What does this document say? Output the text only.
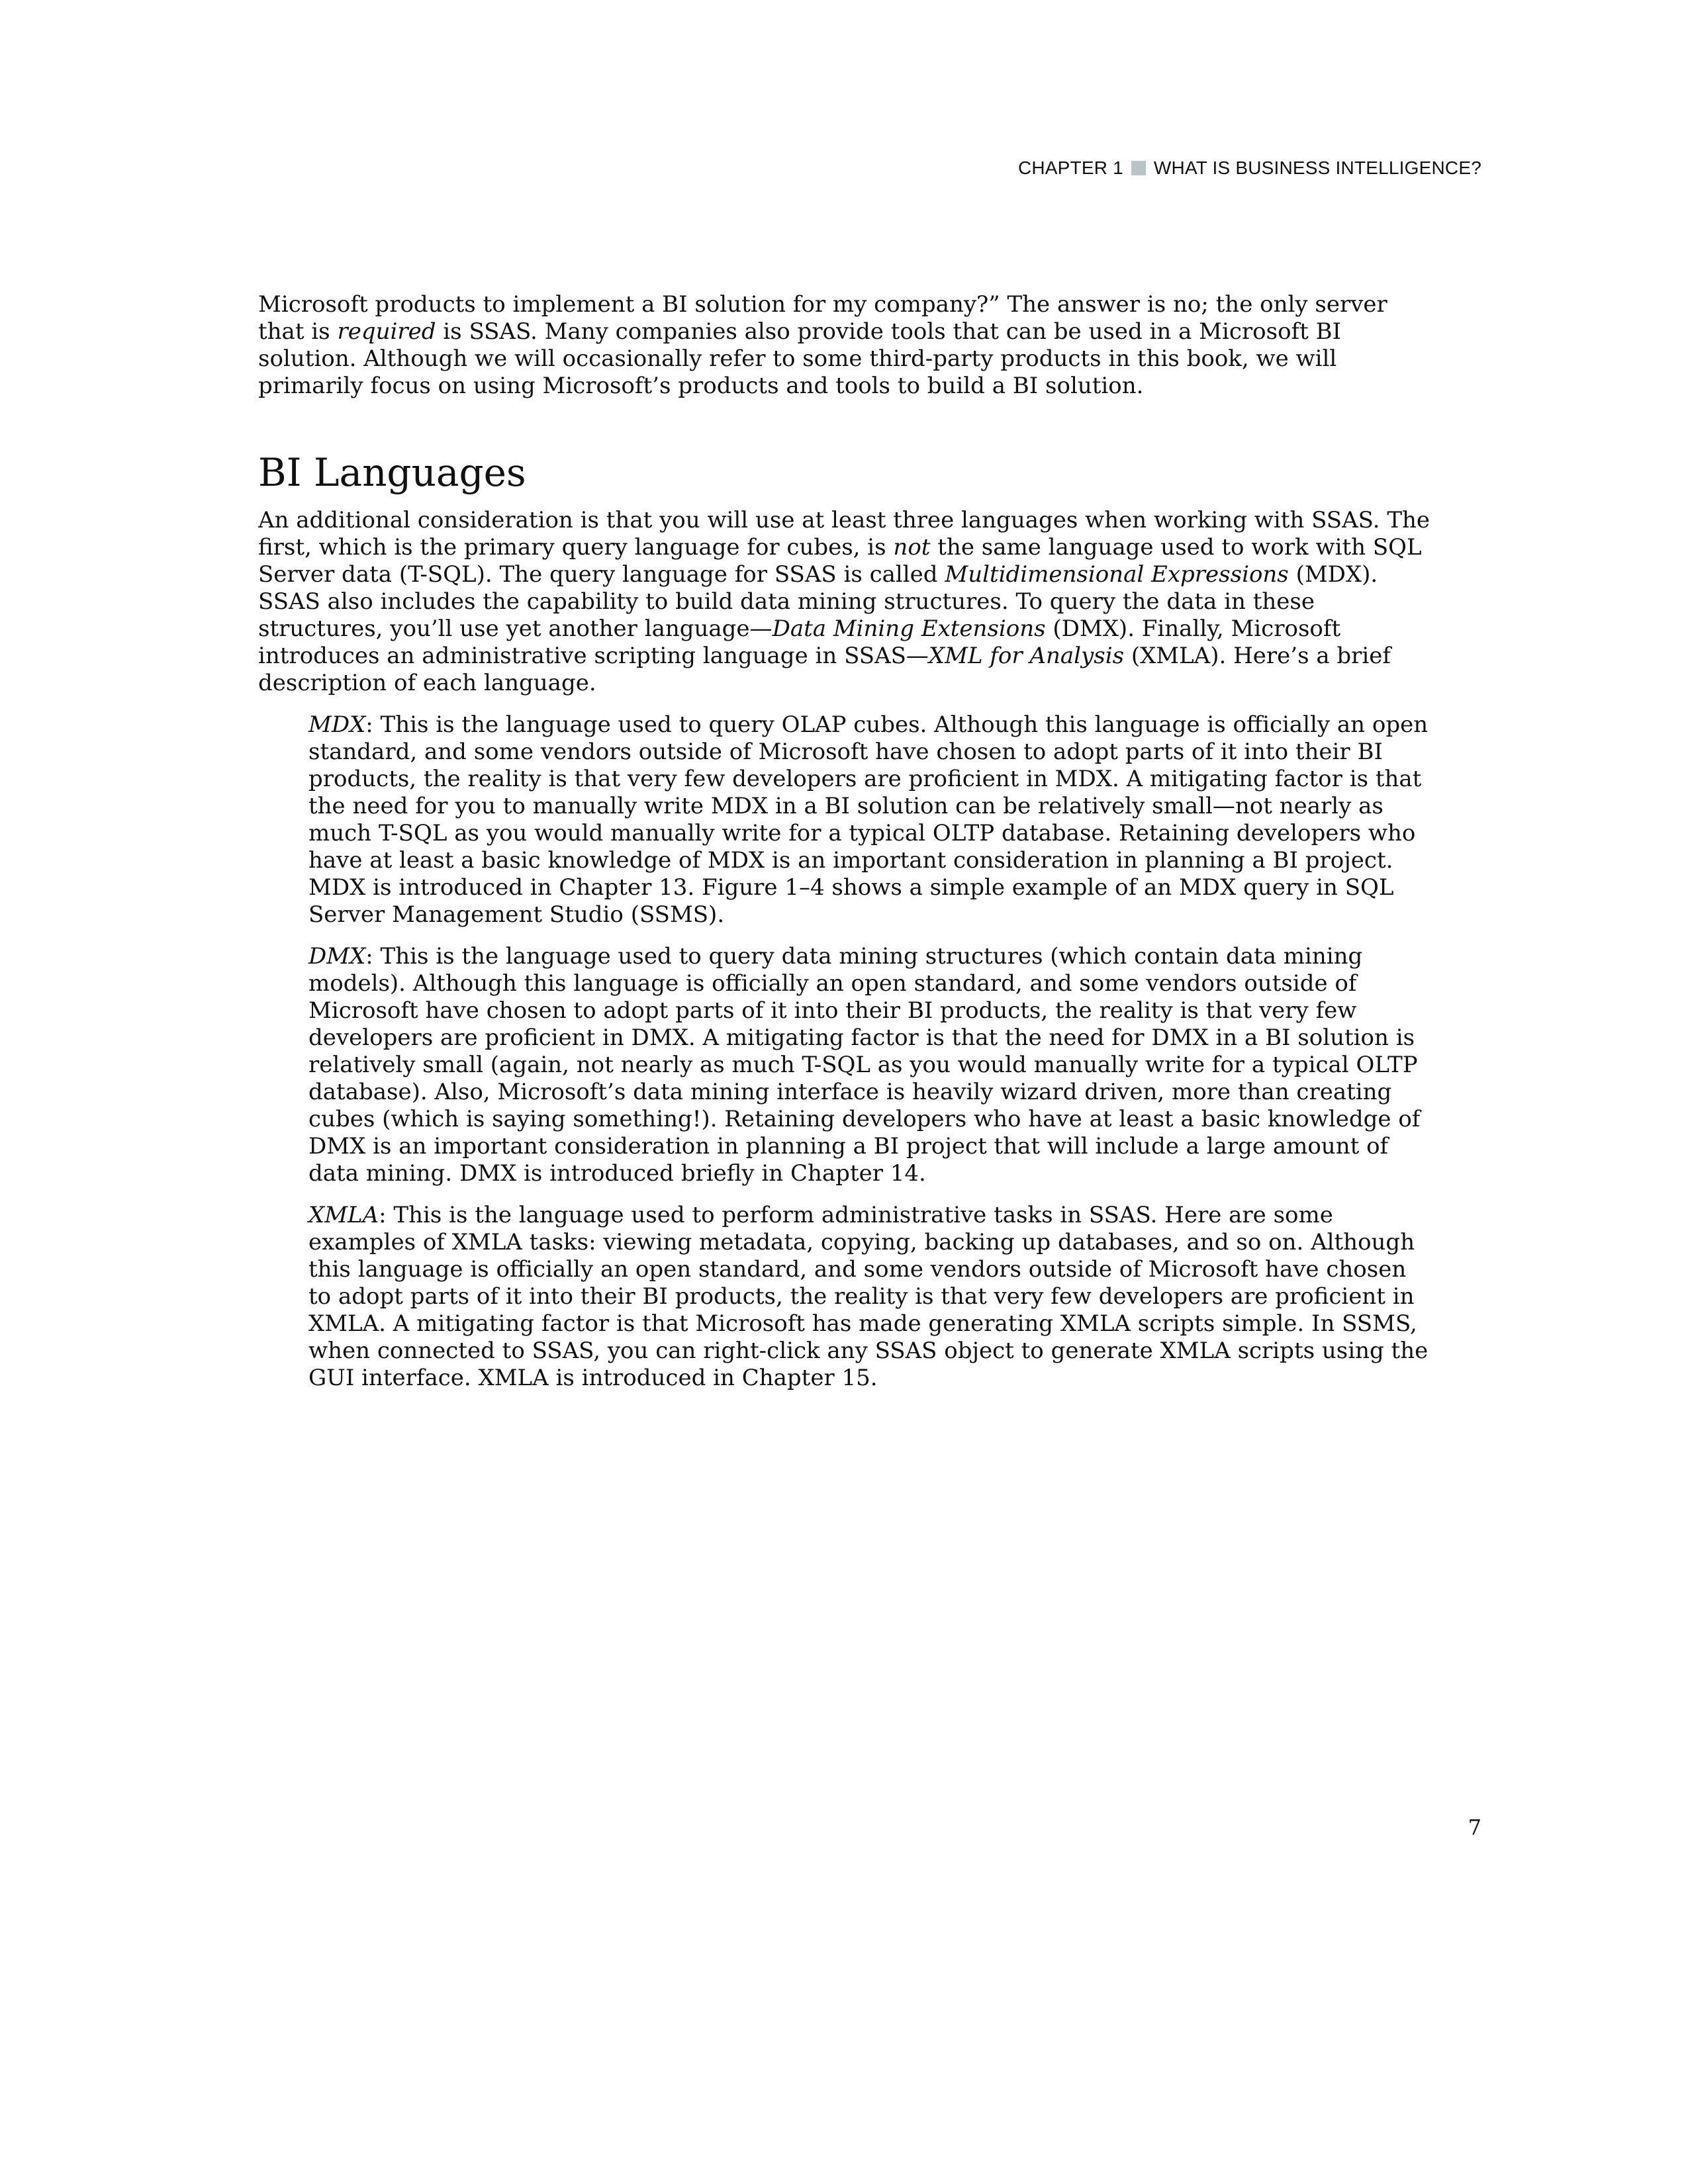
CHAPTER 1 WHAT IS BUSINESS INTELLIGENCE?

Microsoft products to implement a BI solution for my company?” The answer is no; the only server that is required is SSAS. Many companies also provide tools that can be used in a Microsoft BI solution. Although we will occasionally refer to some third-party products in this book, we will primarily focus on using Microsoft’s products and tools to build a BI solution.

BI Languages

An additional consideration is that you will use at least three languages when working with SSAS. The first, which is the primary query language for cubes, is not the same language used to work with SQL Server data (T-SQL). The query language for SSAS is called Multidimensional Expressions (MDX). SSAS also includes the capability to build data mining structures. To query the data in these structures, you’ll use yet another language—Data Mining Extensions (DMX). Finally, Microsoft introduces an administrative scripting language in SSAS—XML for Analysis (XMLA). Here’s a brief description of each language.

MDX: This is the language used to query OLAP cubes. Although this language is officially an open standard, and some vendors outside of Microsoft have chosen to adopt parts of it into their BI products, the reality is that very few developers are proficient in MDX. A mitigating factor is that the need for you to manually write MDX in a BI solution can be relatively small—not nearly as much T-SQL as you would manually write for a typical OLTP database. Retaining developers who have at least a basic knowledge of MDX is an important consideration in planning a BI project. MDX is introduced in Chapter 13. Figure 1–4 shows a simple example of an MDX query in SQL Server Management Studio (SSMS).

DMX: This is the language used to query data mining structures (which contain data mining models). Although this language is officially an open standard, and some vendors outside of Microsoft have chosen to adopt parts of it into their BI products, the reality is that very few developers are proficient in DMX. A mitigating factor is that the need for DMX in a BI solution is relatively small (again, not nearly as much T-SQL as you would manually write for a typical OLTP database). Also, Microsoft’s data mining interface is heavily wizard driven, more than creating cubes (which is saying something!). Retaining developers who have at least a basic knowledge of DMX is an important consideration in planning a BI project that will include a large amount of data mining. DMX is introduced briefly in Chapter 14.

XMLA: This is the language used to perform administrative tasks in SSAS. Here are some examples of XMLA tasks: viewing metadata, copying, backing up databases, and so on. Although this language is officially an open standard, and some vendors outside of Microsoft have chosen to adopt parts of it into their BI products, the reality is that very few developers are proficient in XMLA. A mitigating factor is that Microsoft has made generating XMLA scripts simple. In SSMS, when connected to SSAS, you can right-click any SSAS object to generate XMLA scripts using the GUI interface. XMLA is introduced in Chapter 15.

7
